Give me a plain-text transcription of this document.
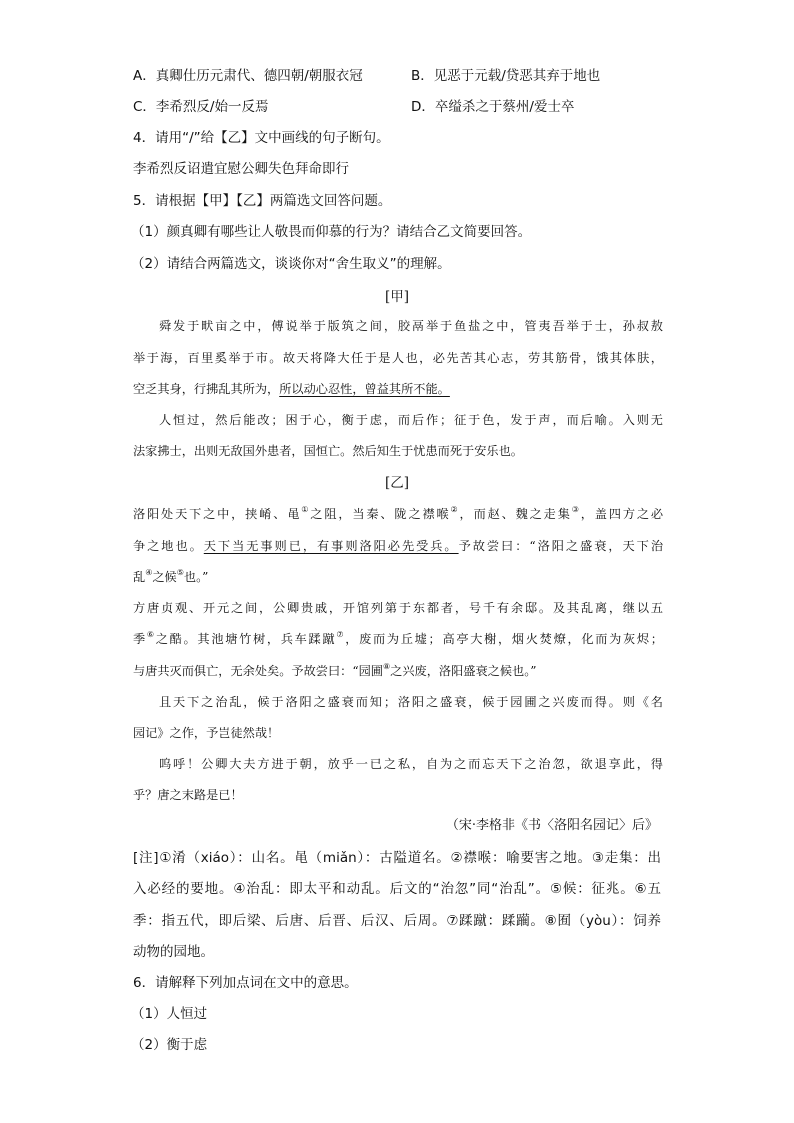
A．真卿仕历元肃代、德四朝/朝服衣冠	B．见恶于元载/贷恶其弃于地也
C．李希烈反/始一反焉	D．卒缢杀之于蔡州/爱士卒
4．请用“/”给【乙】文中画线的句子断句。
李希烈反诏遣宜慰公卿失色拜命即行
5．请根据【甲】【乙】两篇选文回答问题。
（1）颜真卿有哪些让人敬畏而仰慕的行为？请结合乙文简要回答。
（2）请结合两篇选文，谈谈你对“舍生取义”的理解。
[甲]
舜发于畎亩之中，傅说举于版筑之间，胶鬲举于鱼盐之中，管夷吾举于士，孙叔敖
举于海，百里奚举于市。故天将降大任于是人也，必先苦其心志，劳其筋骨，饿其体肤，
空乏其身，行拂乱其所为，所以动心忍性，曾益其所不能。
人恒过，然后能改；困于心，衡于虑，而后作；征于色，发于声，而后喻。入则无
法家拂士，出则无敌国外患者，国恒亡。然后知生于忧患而死于安乐也。
[乙]
洛阳处天下之中，挟崤、黾①之阻，当秦、陇之襟喉②，而赵、魏之走集③，盖四方之必
争之地也。天下当无事则已，有事则洛阳必先受兵。予故尝曰：“洛阳之盛衰，天下治
乱④之候⑤也。”
方唐贞观、开元之间，公卿贵戚，开馆列第于东都者，号千有余邸。及其乱离，继以五
季⑥之酷。其池塘竹树，兵车蹂蹴⑦，废而为丘墟；高亭大榭，烟火焚燎，化而为灰烬；
与唐共灭而俱亡，无余处矣。予故尝曰：“园圃⑧之兴废，洛阳盛衰之候也。”
且天下之治乱，候于洛阳之盛衰而知；洛阳之盛衰，候于园圃之兴废而得。则《名
园记》之作，予岂徒然哉！
呜呼！公卿大夫方进于朝，放乎一已之私，自为之而忘天下之治忽，欲退享此，得
乎？唐之末路是已！
（宋·李格非《书〈洛阳名园记〉后》
[注]①淆（xiáo）：山名。黾（miǎn）：古隘道名。②襟喉：喻要害之地。③走集：出
入必经的要地。④治乱：即太平和动乱。后文的“治忽”同“治乱”。⑤候：征兆。⑥五
季：指五代，即后梁、后唐、后晋、后汉、后周。⑦蹂蹴：蹂躏。⑧囿（yòu）：饲养
动物的园地。
6．请解释下列加点词在文中的意思。
（1）人恒过
（2）衡于虑
